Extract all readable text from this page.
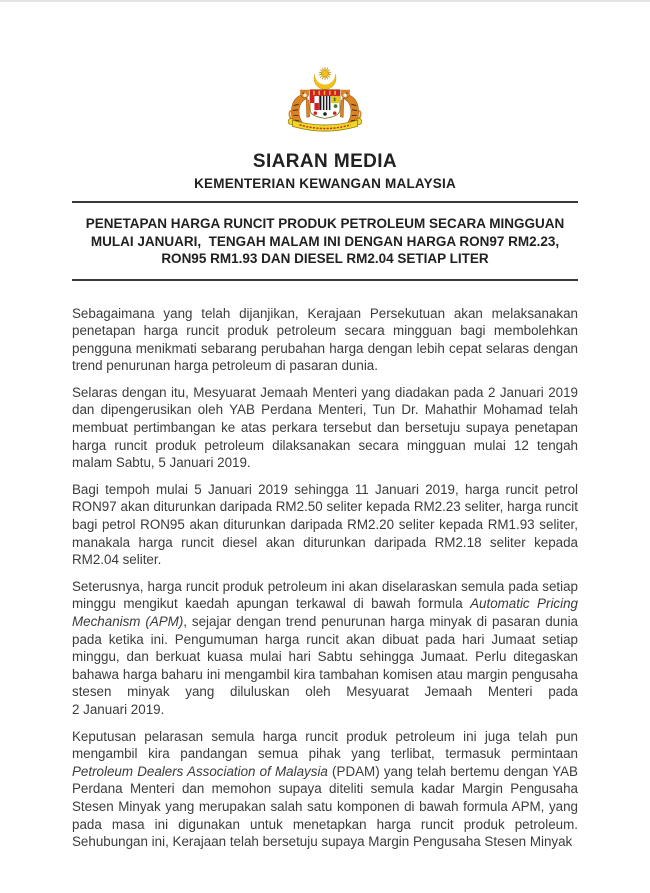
SIARAN MEDIA
KEMENTERIAN KEWANGAN MALAYSIA
PENETAPAN HARGA RUNCIT PRODUK PETROLEUM SECARA MINGGUAN
MULAI JANUARI,  TENGAH MALAM INI DENGAN HARGA RON97 RM2.23,
RON95 RM1.93 DAN DIESEL RM2.04 SETIAP LITER

Sebagaimana yang telah dijanjikan, Kerajaan Persekutuan akan melaksanakan penetapan harga runcit produk petroleum secara mingguan bagi membolehkan pengguna menikmati sebarang perubahan harga dengan lebih cepat selaras dengan trend penurunan harga petroleum di pasaran dunia.

Selaras dengan itu, Mesyuarat Jemaah Menteri yang diadakan pada 2 Januari 2019 dan dipengerusikan oleh YAB Perdana Menteri, Tun Dr. Mahathir Mohamad telah membuat pertimbangan ke atas perkara tersebut dan bersetuju supaya penetapan harga runcit produk petroleum dilaksanakan secara mingguan mulai 12 tengah malam Sabtu, 5 Januari 2019.

Bagi tempoh mulai 5 Januari 2019 sehingga 11 Januari 2019, harga runcit petrol RON97 akan diturunkan daripada RM2.50 seliter kepada RM2.23 seliter, harga runcit bagi petrol RON95 akan diturunkan daripada RM2.20 seliter kepada RM1.93 seliter, manakala harga runcit diesel akan diturunkan daripada RM2.18 seliter kepada RM2.04 seliter.

Seterusnya, harga runcit produk petroleum ini akan diselaraskan semula pada setiap minggu mengikut kaedah apungan terkawal di bawah formula Automatic Pricing Mechanism (APM), sejajar dengan trend penurunan harga minyak di pasaran dunia pada ketika ini. Pengumuman harga runcit akan dibuat pada hari Jumaat setiap minggu, dan berkuat kuasa mulai hari Sabtu sehingga Jumaat. Perlu ditegaskan bahawa harga baharu ini mengambil kira tambahan komisen atau margin pengusaha stesen minyak yang diluluskan oleh Mesyuarat Jemaah Menteri pada 2 Januari 2019.

Keputusan pelarasan semula harga runcit produk petroleum ini juga telah pun mengambil kira pandangan semua pihak yang terlibat, termasuk permintaan Petroleum Dealers Association of Malaysia (PDAM) yang telah bertemu dengan YAB Perdana Menteri dan memohon supaya diteliti semula kadar Margin Pengusaha Stesen Minyak yang merupakan salah satu komponen di bawah formula APM, yang pada masa ini digunakan untuk menetapkan harga runcit produk petroleum. Sehubungan ini, Kerajaan telah bersetuju supaya Margin Pengusaha Stesen Minyak
